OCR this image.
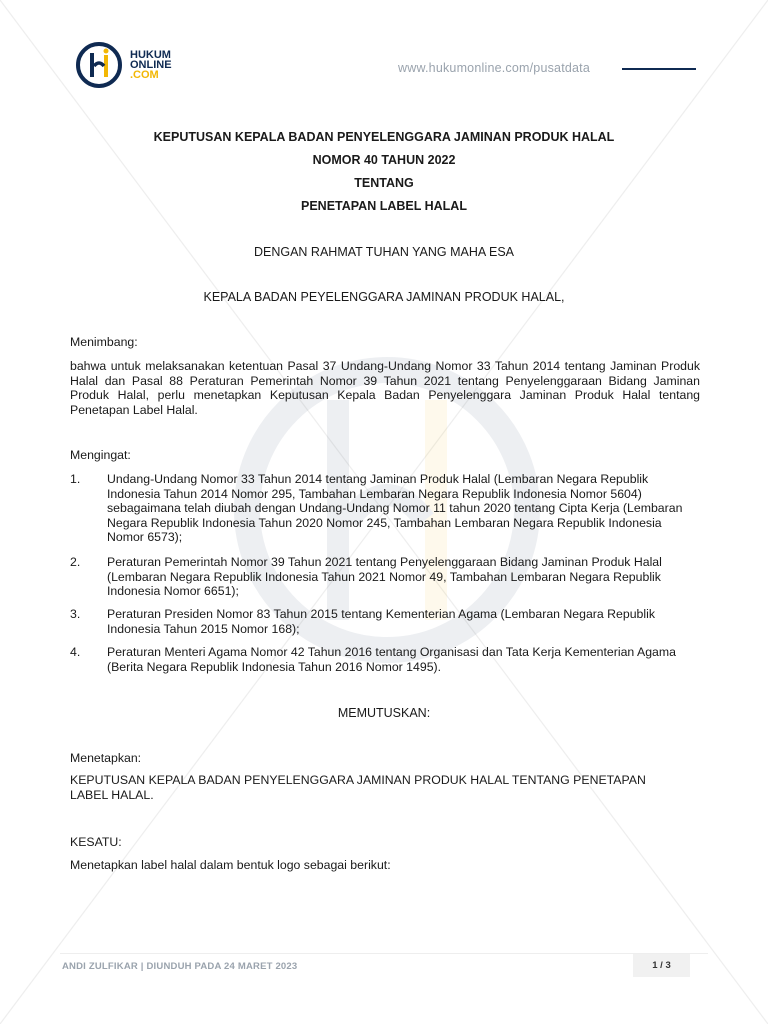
HUKUM
ONLINE
.COM	www.hukumonline.com/pusatdata
KEPUTUSAN KEPALA BADAN PENYELENGGARA JAMINAN PRODUK HALAL
NOMOR 40 TAHUN 2022
TENTANG
PENETAPAN LABEL HALAL
DENGAN RAHMAT TUHAN YANG MAHA ESA
KEPALA BADAN PEYELENGGARA JAMINAN PRODUK HALAL,
Menimbang:
bahwa untuk melaksanakan ketentuan Pasal 37 Undang-Undang Nomor 33 Tahun 2014 tentang Jaminan Produk Halal dan Pasal 88 Peraturan Pemerintah Nomor 39 Tahun 2021 tentang Penyelenggaraan Bidang Jaminan Produk Halal, perlu menetapkan Keputusan Kepala Badan Penyelenggara Jaminan Produk Halal tentang Penetapan Label Halal.
Mengingat:
1. Undang-Undang Nomor 33 Tahun 2014 tentang Jaminan Produk Halal (Lembaran Negara Republik Indonesia Tahun 2014 Nomor 295, Tambahan Lembaran Negara Republik Indonesia Nomor 5604) sebagaimana telah diubah dengan Undang-Undang Nomor 11 tahun 2020 tentang Cipta Kerja (Lembaran Negara Republik Indonesia Tahun 2020 Nomor 245, Tambahan Lembaran Negara Republik Indonesia Nomor 6573);
2. Peraturan Pemerintah Nomor 39 Tahun 2021 tentang Penyelenggaraan Bidang Jaminan Produk Halal (Lembaran Negara Republik Indonesia Tahun 2021 Nomor 49, Tambahan Lembaran Negara Republik Indonesia Nomor 6651);
3. Peraturan Presiden Nomor 83 Tahun 2015 tentang Kementerian Agama (Lembaran Negara Republik Indonesia Tahun 2015 Nomor 168);
4. Peraturan Menteri Agama Nomor 42 Tahun 2016 tentang Organisasi dan Tata Kerja Kementerian Agama (Berita Negara Republik Indonesia Tahun 2016 Nomor 1495).
MEMUTUSKAN:
Menetapkan:
KEPUTUSAN KEPALA BADAN PENYELENGGARA JAMINAN PRODUK HALAL TENTANG PENETAPAN LABEL HALAL.
KESATU:
Menetapkan label halal dalam bentuk logo sebagai berikut:
ANDI ZULFIKAR | DIUNDUH PADA 24 MARET 2023	1 / 3
